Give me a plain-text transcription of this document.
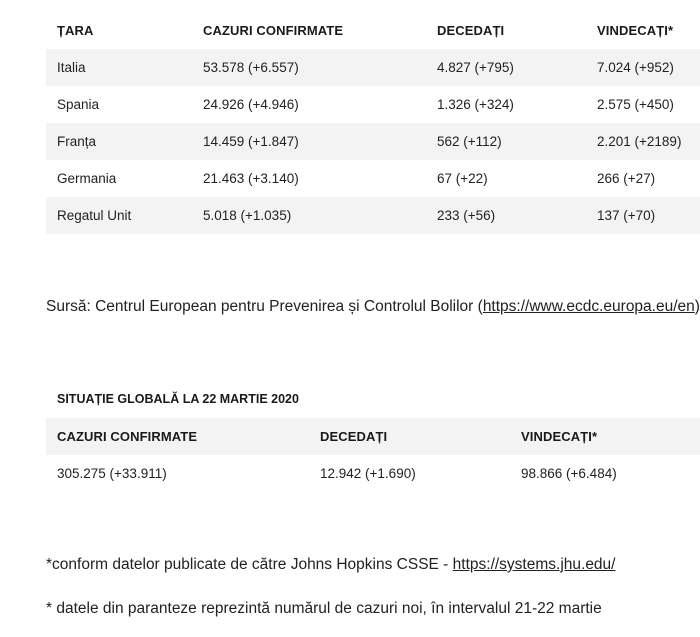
ȚARA	CAZURI CONFIRMATE	DECEDAȚI	VINDECAȚI*
Italia	53.578 (+6.557)	4.827 (+795)	7.024 (+952)
Spania	24.926 (+4.946)	1.326 (+324)	2.575 (+450)
Franța	14.459 (+1.847)	562 (+112)	2.201 (+2189)
Germania	21.463 (+3.140)	67 (+22)	266 (+27)
Regatul Unit	5.018 (+1.035)	233 (+56)	137 (+70)

Sursă: Centrul European pentru Prevenirea și Controlul Bolilor (https://www.ecdc.europa.eu/en)

SITUAȚIE GLOBALĂ LA 22 MARTIE 2020
CAZURI CONFIRMATE	DECEDAȚI	VINDECAȚI*
305.275 (+33.911)	12.942 (+1.690)	98.866 (+6.484)

*conform datelor publicate de către Johns Hopkins CSSE - https://systems.jhu.edu/

* datele din paranteze reprezintă numărul de cazuri noi, în intervalul 21-22 martie
